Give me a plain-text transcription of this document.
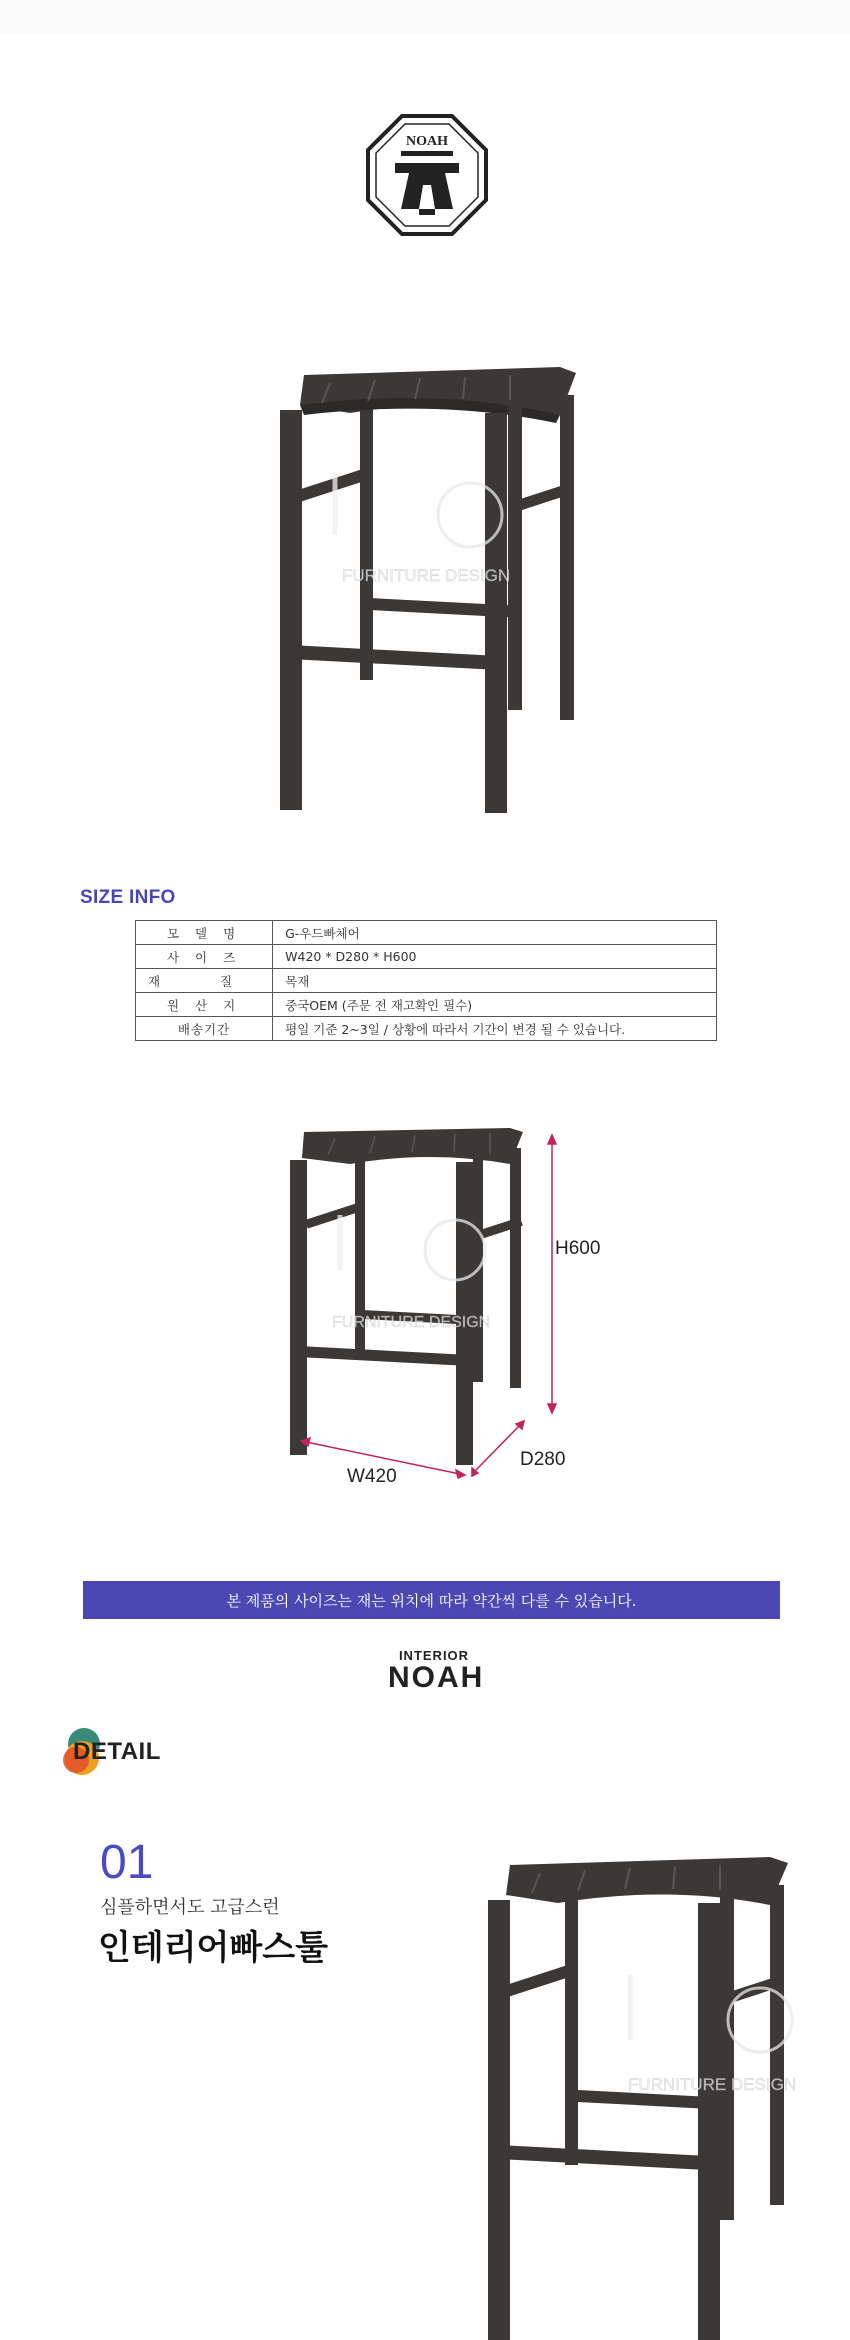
NOAH
FURNITURE DESIGN
SIZE INFO
모 델 명	G-우드빠체어
사 이 즈	W420 * D280 * H600
재 질	목재
원 산 지	중국OEM (주문 전 재고확인 필수)
배송기간	평일 기준 2~3일 / 상황에 따라서 기간이 변경 될 수 있습니다.
FURNITURE DESIGN
H600
D280
W420
본 제품의 사이즈는 재는 위치에 따라 약간씩 다를 수 있습니다.
INTERIOR
NOAH
DETAIL
01
심플하면서도 고급스런
인테리어빠스툴
FURNITURE DESIGN
